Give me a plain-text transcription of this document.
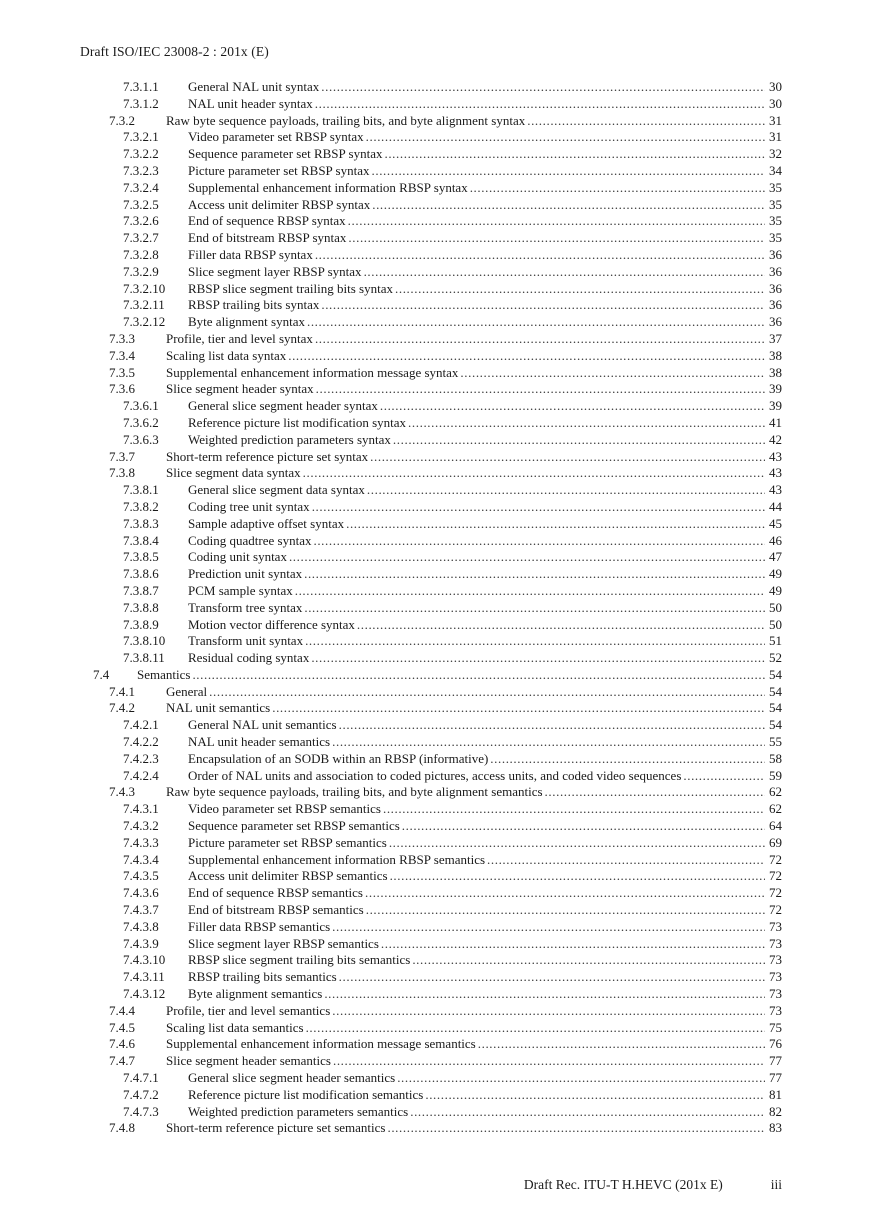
Draft ISO/IEC 23008-2 : 201x (E)
7.3.1.1 General NAL unit syntax .....	30
7.3.1.2 NAL unit header syntax .....	30
7.3.2 Raw byte sequence payloads, trailing bits, and byte alignment syntax .....	31
7.3.2.1 Video parameter set RBSP syntax .....	31
7.3.2.2 Sequence parameter set RBSP syntax .....	32
7.3.2.3 Picture parameter set RBSP syntax .....	34
7.3.2.4 Supplemental enhancement information RBSP syntax .....	35
7.3.2.5 Access unit delimiter RBSP syntax .....	35
7.3.2.6 End of sequence RBSP syntax .....	35
7.3.2.7 End of bitstream RBSP syntax .....	35
7.3.2.8 Filler data RBSP syntax .....	36
7.3.2.9 Slice segment layer RBSP syntax .....	36
7.3.2.10 RBSP slice segment trailing bits syntax .....	36
7.3.2.11 RBSP trailing bits syntax .....	36
7.3.2.12 Byte alignment syntax .....	36
7.3.3 Profile, tier and level syntax .....	37
7.3.4 Scaling list data syntax .....	38
7.3.5 Supplemental enhancement information message syntax .....	38
7.3.6 Slice segment header syntax .....	39
7.3.6.1 General slice segment header syntax .....	39
7.3.6.2 Reference picture list modification syntax .....	41
7.3.6.3 Weighted prediction parameters syntax .....	42
7.3.7 Short-term reference picture set syntax .....	43
7.3.8 Slice segment data syntax .....	43
7.3.8.1 General slice segment data syntax .....	43
7.3.8.2 Coding tree unit syntax .....	44
7.3.8.3 Sample adaptive offset syntax .....	45
7.3.8.4 Coding quadtree syntax .....	46
7.3.8.5 Coding unit syntax .....	47
7.3.8.6 Prediction unit syntax .....	49
7.3.8.7 PCM sample syntax .....	49
7.3.8.8 Transform tree syntax .....	50
7.3.8.9 Motion vector difference syntax .....	50
7.3.8.10 Transform unit syntax .....	51
7.3.8.11 Residual coding syntax .....	52
7.4 Semantics .....	54
7.4.1 General .....	54
7.4.2 NAL unit semantics .....	54
7.4.2.1 General NAL unit semantics .....	54
7.4.2.2 NAL unit header semantics .....	55
7.4.2.3 Encapsulation of an SODB within an RBSP (informative) .....	58
7.4.2.4 Order of NAL units and association to coded pictures, access units, and coded video sequences .....	59
7.4.3 Raw byte sequence payloads, trailing bits, and byte alignment semantics .....	62
7.4.3.1 Video parameter set RBSP semantics .....	62
7.4.3.2 Sequence parameter set RBSP semantics .....	64
7.4.3.3 Picture parameter set RBSP semantics .....	69
7.4.3.4 Supplemental enhancement information RBSP semantics .....	72
7.4.3.5 Access unit delimiter RBSP semantics .....	72
7.4.3.6 End of sequence RBSP semantics .....	72
7.4.3.7 End of bitstream RBSP semantics .....	72
7.4.3.8 Filler data RBSP semantics .....	73
7.4.3.9 Slice segment layer RBSP semantics .....	73
7.4.3.10 RBSP slice segment trailing bits semantics .....	73
7.4.3.11 RBSP trailing bits semantics .....	73
7.4.3.12 Byte alignment semantics .....	73
7.4.4 Profile, tier and level semantics .....	73
7.4.5 Scaling list data semantics .....	75
7.4.6 Supplemental enhancement information message semantics .....	76
7.4.7 Slice segment header semantics .....	77
7.4.7.1 General slice segment header semantics .....	77
7.4.7.2 Reference picture list modification semantics .....	81
7.4.7.3 Weighted prediction parameters semantics .....	82
7.4.8 Short-term reference picture set semantics .....	83
Draft Rec. ITU-T H.HEVC (201x E)	iii
